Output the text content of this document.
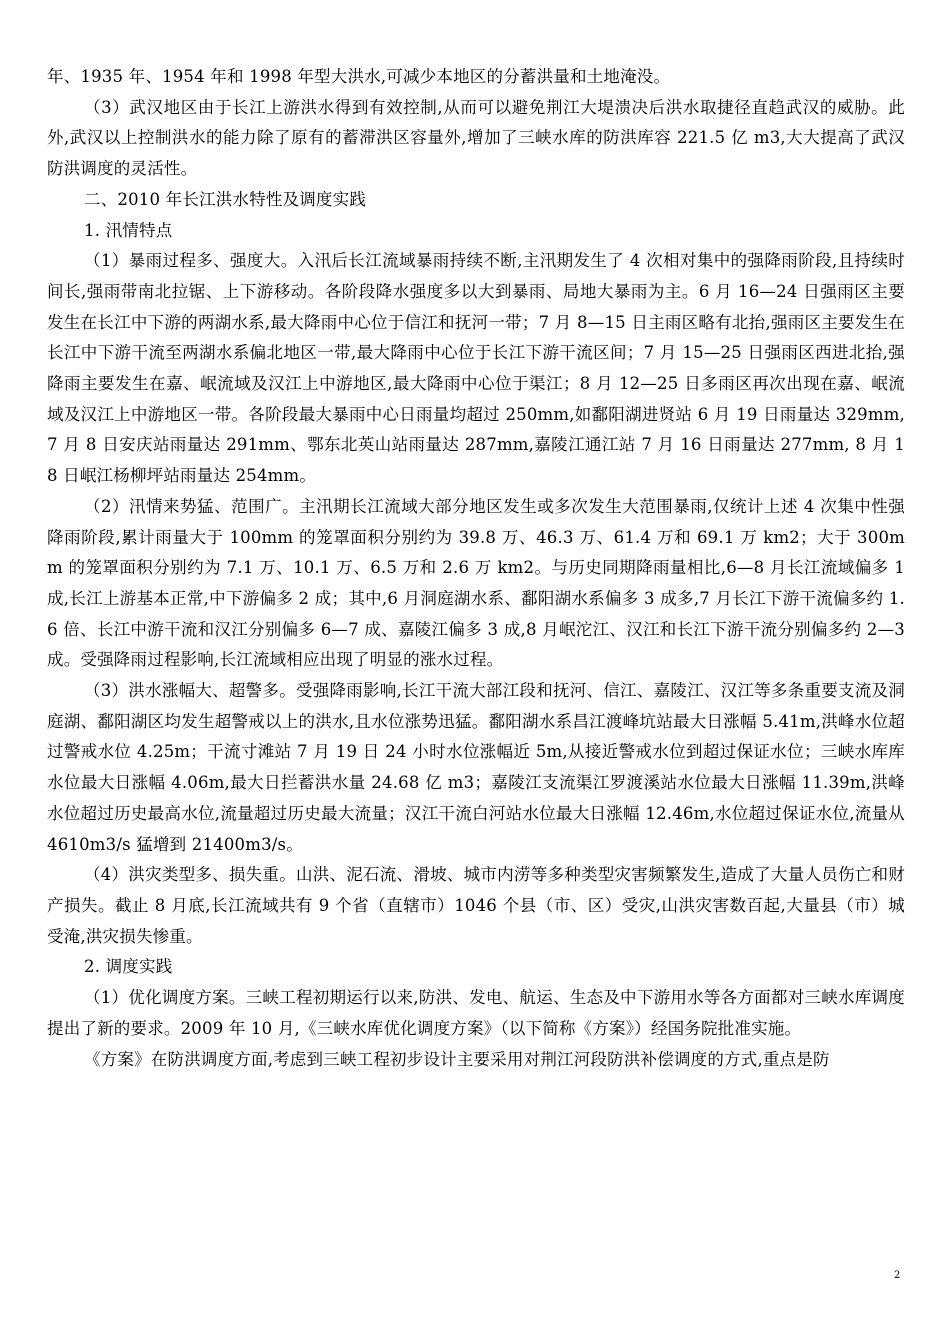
年、1935 年、1954 年和 1998 年型大洪水,可减少本地区的分蓄洪量和土地淹没。

（3）武汉地区由于长江上游洪水得到有效控制,从而可以避免荆江大堤溃决后洪水取捷径直趋武汉的威胁。此外,武汉以上控制洪水的能力除了原有的蓄滞洪区容量外,增加了三峡水库的防洪库容 221.5 亿 m3,大大提高了武汉防洪调度的灵活性。

二、2010 年长江洪水特性及调度实践

1. 汛情特点

（1）暴雨过程多、强度大。入汛后长江流域暴雨持续不断,主汛期发生了 4 次相对集中的强降雨阶段,且持续时间长,强雨带南北拉锯、上下游移动。各阶段降水强度多以大到暴雨、局地大暴雨为主。6 月 16—24 日强雨区主要发生在长江中下游的两湖水系,最大降雨中心位于信江和抚河一带；7 月 8—15 日主雨区略有北抬,强雨区主要发生在长江中下游干流至两湖水系偏北地区一带,最大降雨中心位于长江下游干流区间；7 月 15—25 日强雨区西进北抬,强降雨主要发生在嘉、岷流域及汉江上中游地区,最大降雨中心位于渠江；8 月 12—25 日多雨区再次出现在嘉、岷流域及汉江上中游地区一带。各阶段最大暴雨中心日雨量均超过 250mm,如鄱阳湖进贤站 6 月 19 日雨量达 329mm,7 月 8 日安庆站雨量达 291mm、鄂东北英山站雨量达 287mm,嘉陵江通江站 7 月 16 日雨量达 277mm, 8 月 18 日岷江杨柳坪站雨量达 254mm。

（2）汛情来势猛、范围广。主汛期长江流域大部分地区发生或多次发生大范围暴雨,仅统计上述 4 次集中性强降雨阶段,累计雨量大于 100mm 的笼罩面积分别约为 39.8 万、46.3 万、61.4 万和 69.1 万 km2；大于 300mm 的笼罩面积分别约为 7.1 万、10.1 万、6.5 万和 2.6 万 km2。与历史同期降雨量相比,6—8 月长江流域偏多 1 成,长江上游基本正常,中下游偏多 2 成；其中,6 月洞庭湖水系、鄱阳湖水系偏多 3 成多,7 月长江下游干流偏多约 1.6 倍、长江中游干流和汉江分别偏多 6—7 成、嘉陵江偏多 3 成,8 月岷沱江、汉江和长江下游干流分别偏多约 2—3 成。受强降雨过程影响,长江流域相应出现了明显的涨水过程。

（3）洪水涨幅大、超警多。受强降雨影响,长江干流大部江段和抚河、信江、嘉陵江、汉江等多条重要支流及洞庭湖、鄱阳湖区均发生超警戒以上的洪水,且水位涨势迅猛。鄱阳湖水系昌江渡峰坑站最大日涨幅 5.41m,洪峰水位超过警戒水位 4.25m；干流寸滩站 7 月 19 日 24 小时水位涨幅近 5m,从接近警戒水位到超过保证水位；三峡水库库水位最大日涨幅 4.06m,最大日拦蓄洪水量 24.68 亿 m3；嘉陵江支流渠江罗渡溪站水位最大日涨幅 11.39m,洪峰水位超过历史最高水位,流量超过历史最大流量；汉江干流白河站水位最大日涨幅 12.46m,水位超过保证水位,流量从 4610m3/s 猛增到 21400m3/s。

（4）洪灾类型多、损失重。山洪、泥石流、滑坡、城市内涝等多种类型灾害频繁发生,造成了大量人员伤亡和财产损失。截止 8 月底,长江流域共有 9 个省（直辖市）1046 个县（市、区）受灾,山洪灾害数百起,大量县（市）城受淹,洪灾损失惨重。

2. 调度实践

（1）优化调度方案。三峡工程初期运行以来,防洪、发电、航运、生态及中下游用水等各方面都对三峡水库调度提出了新的要求。2009 年 10 月,《三峡水库优化调度方案》（以下简称《方案》）经国务院批准实施。

《方案》在防洪调度方面,考虑到三峡工程初步设计主要采用对荆江河段防洪补偿调度的方式,重点是防

2
